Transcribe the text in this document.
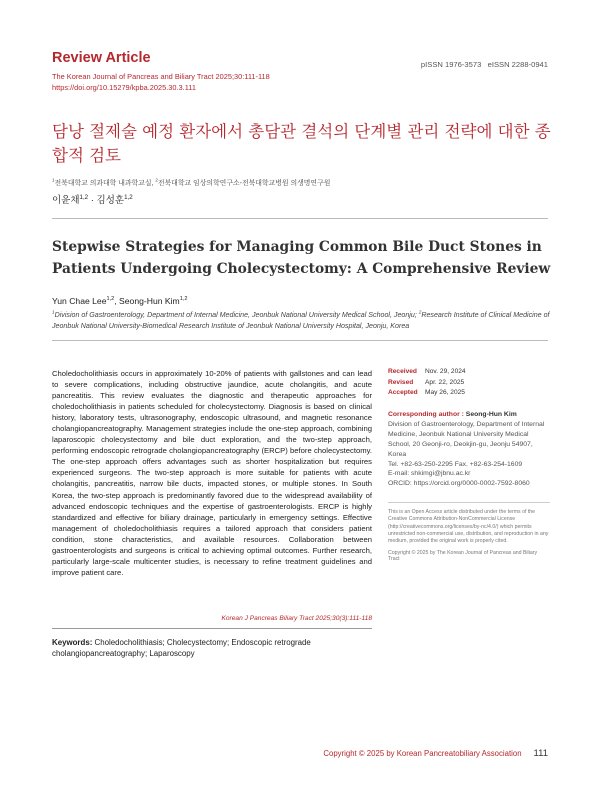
Review Article
The Korean Journal of Pancreas and Biliary Tract 2025;30:111-118
https://doi.org/10.15279/kpba.2025.30.3.111
pISSN 1976-3573   eISSN 2288-0941
담낭 절제술 예정 환자에서 총담관 결석의 단계별 관리 전략에 대한 종합적 검토
$^1$전북대학교 의과대학 내과학교실, $^2$전북대학교 임상의학연구소-전북대학교병원 의생명연구원
이윤채$^{1,2}$ · 김성훈$^{1,2}$
Stepwise Strategies for Managing Common Bile Duct Stones in Patients Undergoing Cholecystectomy: A Comprehensive Review
Yun Chae Lee$^{1,2}$, Seong-Hun Kim$^{1,2}$
$^1$Division of Gastroenterology, Department of Internal Medicine, Jeonbuk National University Medical School, Jeonju; $^2$Research Institute of Clinical Medicine of Jeonbuk National University-Biomedical Research Institute of Jeonbuk National University Hospital, Jeonju, Korea
Choledocholithiasis occurs in approximately 10-20% of patients with gallstones and can lead to severe complications, including obstructive jaundice, acute cholangitis, and acute pancreatitis. This review evaluates the diagnostic and therapeutic approaches for choledocholithiasis in patients scheduled for cholecystectomy. Diagnosis is based on clinical history, laboratory tests, ultrasonography, endoscopic ultrasound, and magnetic resonance cholangiopancreatography. Management strategies include the one-step approach, combining laparoscopic cholecystectomy and bile duct exploration, and the two-step approach, performing endoscopic retrograde cholangiopancreatography (ERCP) before cholecystectomy. The one-step approach offers advantages such as shorter hospitalization but requires experienced surgeons. The two-step approach is more suitable for patients with acute cholangitis, pancreatitis, narrow bile ducts, impacted stones, or multiple stones. In South Korea, the two-step approach is predominantly favored due to the widespread availability of advanced endoscopic techniques and the expertise of gastroenterologists. ERCP is highly standardized and effective for biliary drainage, particularly in emergency settings. Effective management of choledocholithiasis requires a tailored approach that considers patient condition, stone characteristics, and available resources. Collaboration between gastroenterologists and surgeons is critical to achieving optimal outcomes. Further research, particularly large-scale multicenter studies, is necessary to refine treatment guidelines and improve patient care.
Korean J Pancreas Biliary Tract 2025;30(3):111-118
Keywords: Choledocholithiasis; Cholecystectomy; Endoscopic retrograde cholangiopancreatography; Laparoscopy
Received Nov. 29, 2024
Revised Apr. 22, 2025
Accepted May 26, 2025
Corresponding author : Seong-Hun Kim
Division of Gastroenterology, Department of Internal Medicine, Jeonbuk National University Medical School, 20 Geonji-ro, Deokjin-gu, Jeonju 54907, Korea
Tel. +82-63-250-2295 Fax. +82-63-254-1609
E-mail: shkimgi@jbnu.ac.kr
ORCID: https://orcid.org/0000-0002-7592-8060
This is an Open Access article distributed under the terms of the Creative Commons Attribution-NonCommercial License (http://creativecommons.org/licenses/by-nc/4.0/) which permits unrestricted non-commercial use, distribution, and reproduction in any medium, provided the original work is properly cited.
Copyright © 2025 by The Korean Journal of Pancreas and Biliary Tract
Copyright © 2025 by Korean Pancreatobiliary Association 111
